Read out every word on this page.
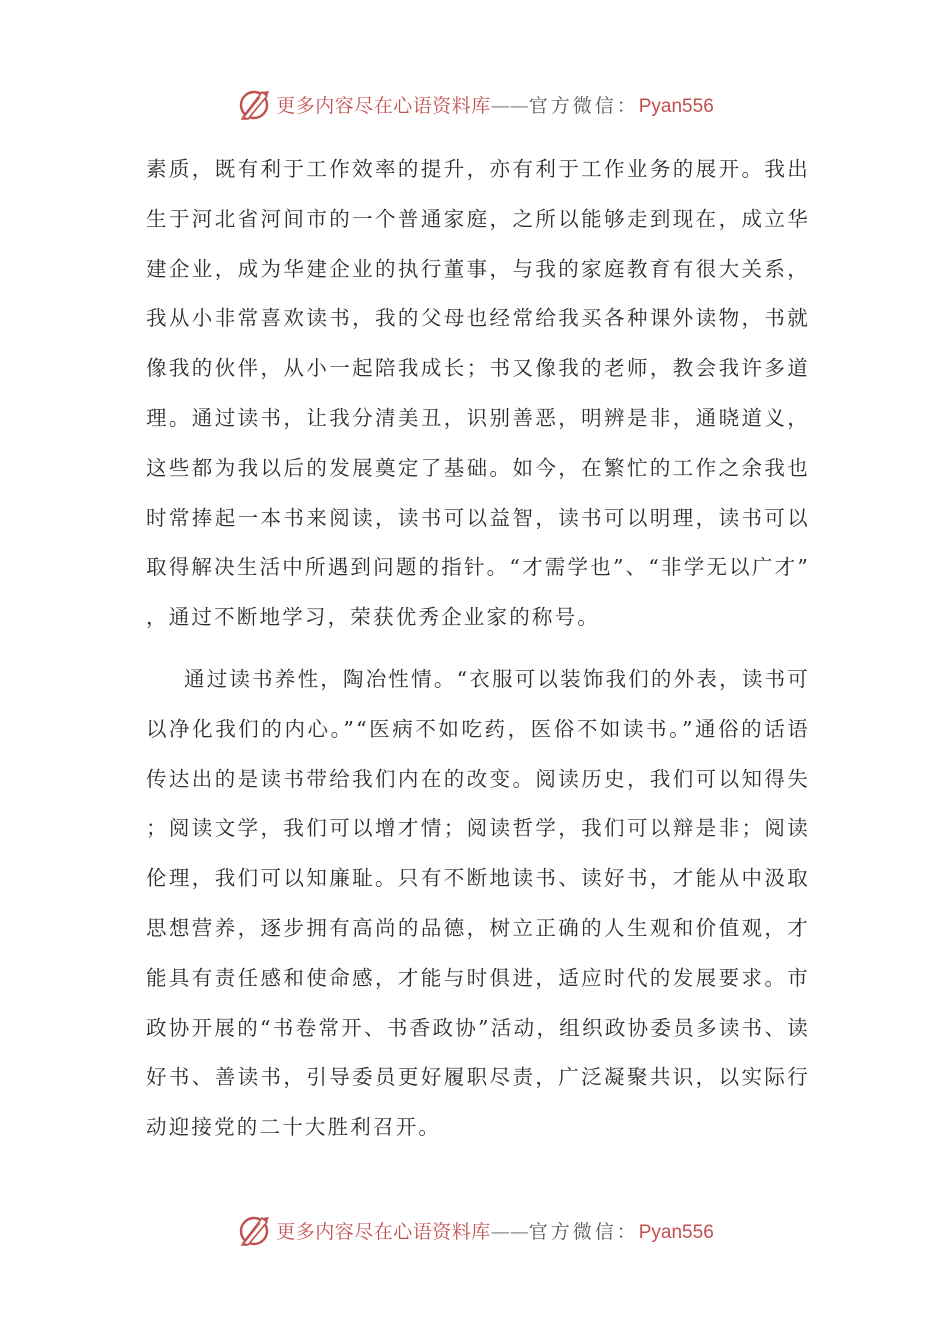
更多内容尽在心语资料库——官方微信：Pyan556

素质，既有利于工作效率的提升，亦有利于工作业务的展开。我出生于河北省河间市的一个普通家庭，之所以能够走到现在，成立华建企业，成为华建企业的执行董事，与我的家庭教育有很大关系，我从小非常喜欢读书，我的父母也经常给我买各种课外读物，书就像我的伙伴，从小一起陪我成长；书又像我的老师，教会我许多道理。通过读书，让我分清美丑，识别善恶，明辨是非，通晓道义，这些都为我以后的发展奠定了基础。如今，在繁忙的工作之余我也时常捧起一本书来阅读，读书可以益智，读书可以明理，读书可以取得解决生活中所遇到问题的指针。“才需学也”、“非学无以广才”，通过不断地学习，荣获优秀企业家的称号。

通过读书养性，陶冶性情。“衣服可以装饰我们的外表，读书可以净化我们的内心。”“医病不如吃药，医俗不如读书。”通俗的话语传达出的是读书带给我们内在的改变。阅读历史，我们可以知得失；阅读文学，我们可以增才情；阅读哲学，我们可以辩是非；阅读伦理，我们可以知廉耻。只有不断地读书、读好书，才能从中汲取思想营养，逐步拥有高尚的品德，树立正确的人生观和价值观，才能具有责任感和使命感，才能与时俱进，适应时代的发展要求。市政协开展的“书卷常开、书香政协”活动，组织政协委员多读书、读好书、善读书，引导委员更好履职尽责，广泛凝聚共识，以实际行动迎接党的二十大胜利召开。

更多内容尽在心语资料库——官方微信：Pyan556
